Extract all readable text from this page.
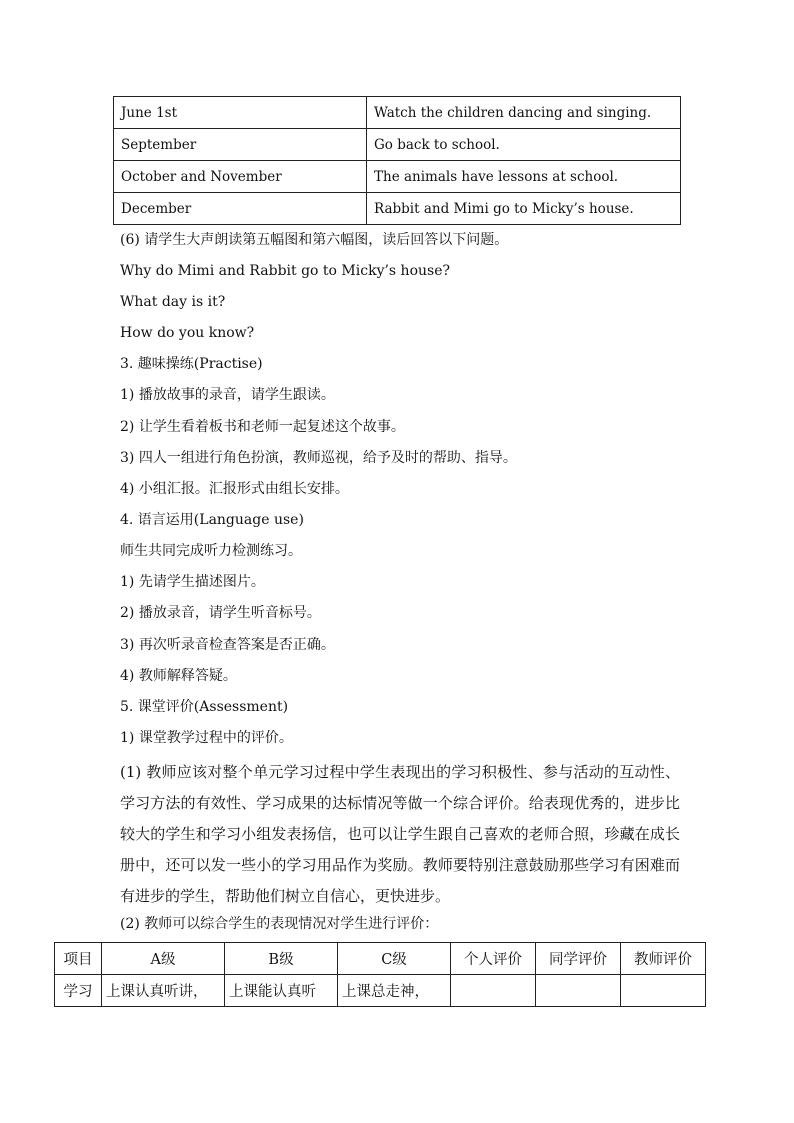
June 1st	Watch the children dancing and singing.
September	Go back to school.
October and November	The animals have lessons at school.
December	Rabbit and Mimi go to Micky’s house.
(6) 请学生大声朗读第五幅图和第六幅图，读后回答以下问题。
Why do Mimi and Rabbit go to Micky’s house?
What day is it?
How do you know?
3. 趣味操练(Practise)
1) 播放故事的录音，请学生跟读。
2) 让学生看着板书和老师一起复述这个故事。
3) 四人一组进行角色扮演，教师巡视，给予及时的帮助、指导。
4) 小组汇报。汇报形式由组长安排。
4. 语言运用(Language use)
师生共同完成听力检测练习。
1) 先请学生描述图片。
2) 播放录音，请学生听音标号。
3) 再次听录音检查答案是否正确。
4) 教师解释答疑。
5. 课堂评价(Assessment)
1) 课堂教学过程中的评价。
(1) 教师应该对整个单元学习过程中学生表现出的学习积极性、参与活动的互动性、学习方法的有效性、学习成果的达标情况等做一个综合评价。给表现优秀的，进步比较大的学生和学习小组发表扬信，也可以让学生跟自己喜欢的老师合照，珍藏在成长册中，还可以发一些小的学习用品作为奖励。教师要特别注意鼓励那些学习有困难而有进步的学生，帮助他们树立自信心，更快进步。
(2) 教师可以综合学生的表现情况对学生进行评价：
项目	A级	B级	C级	个人评价	同学评价	教师评价
学习	上课认真听讲，	上课能认真听	上课总走神，			
